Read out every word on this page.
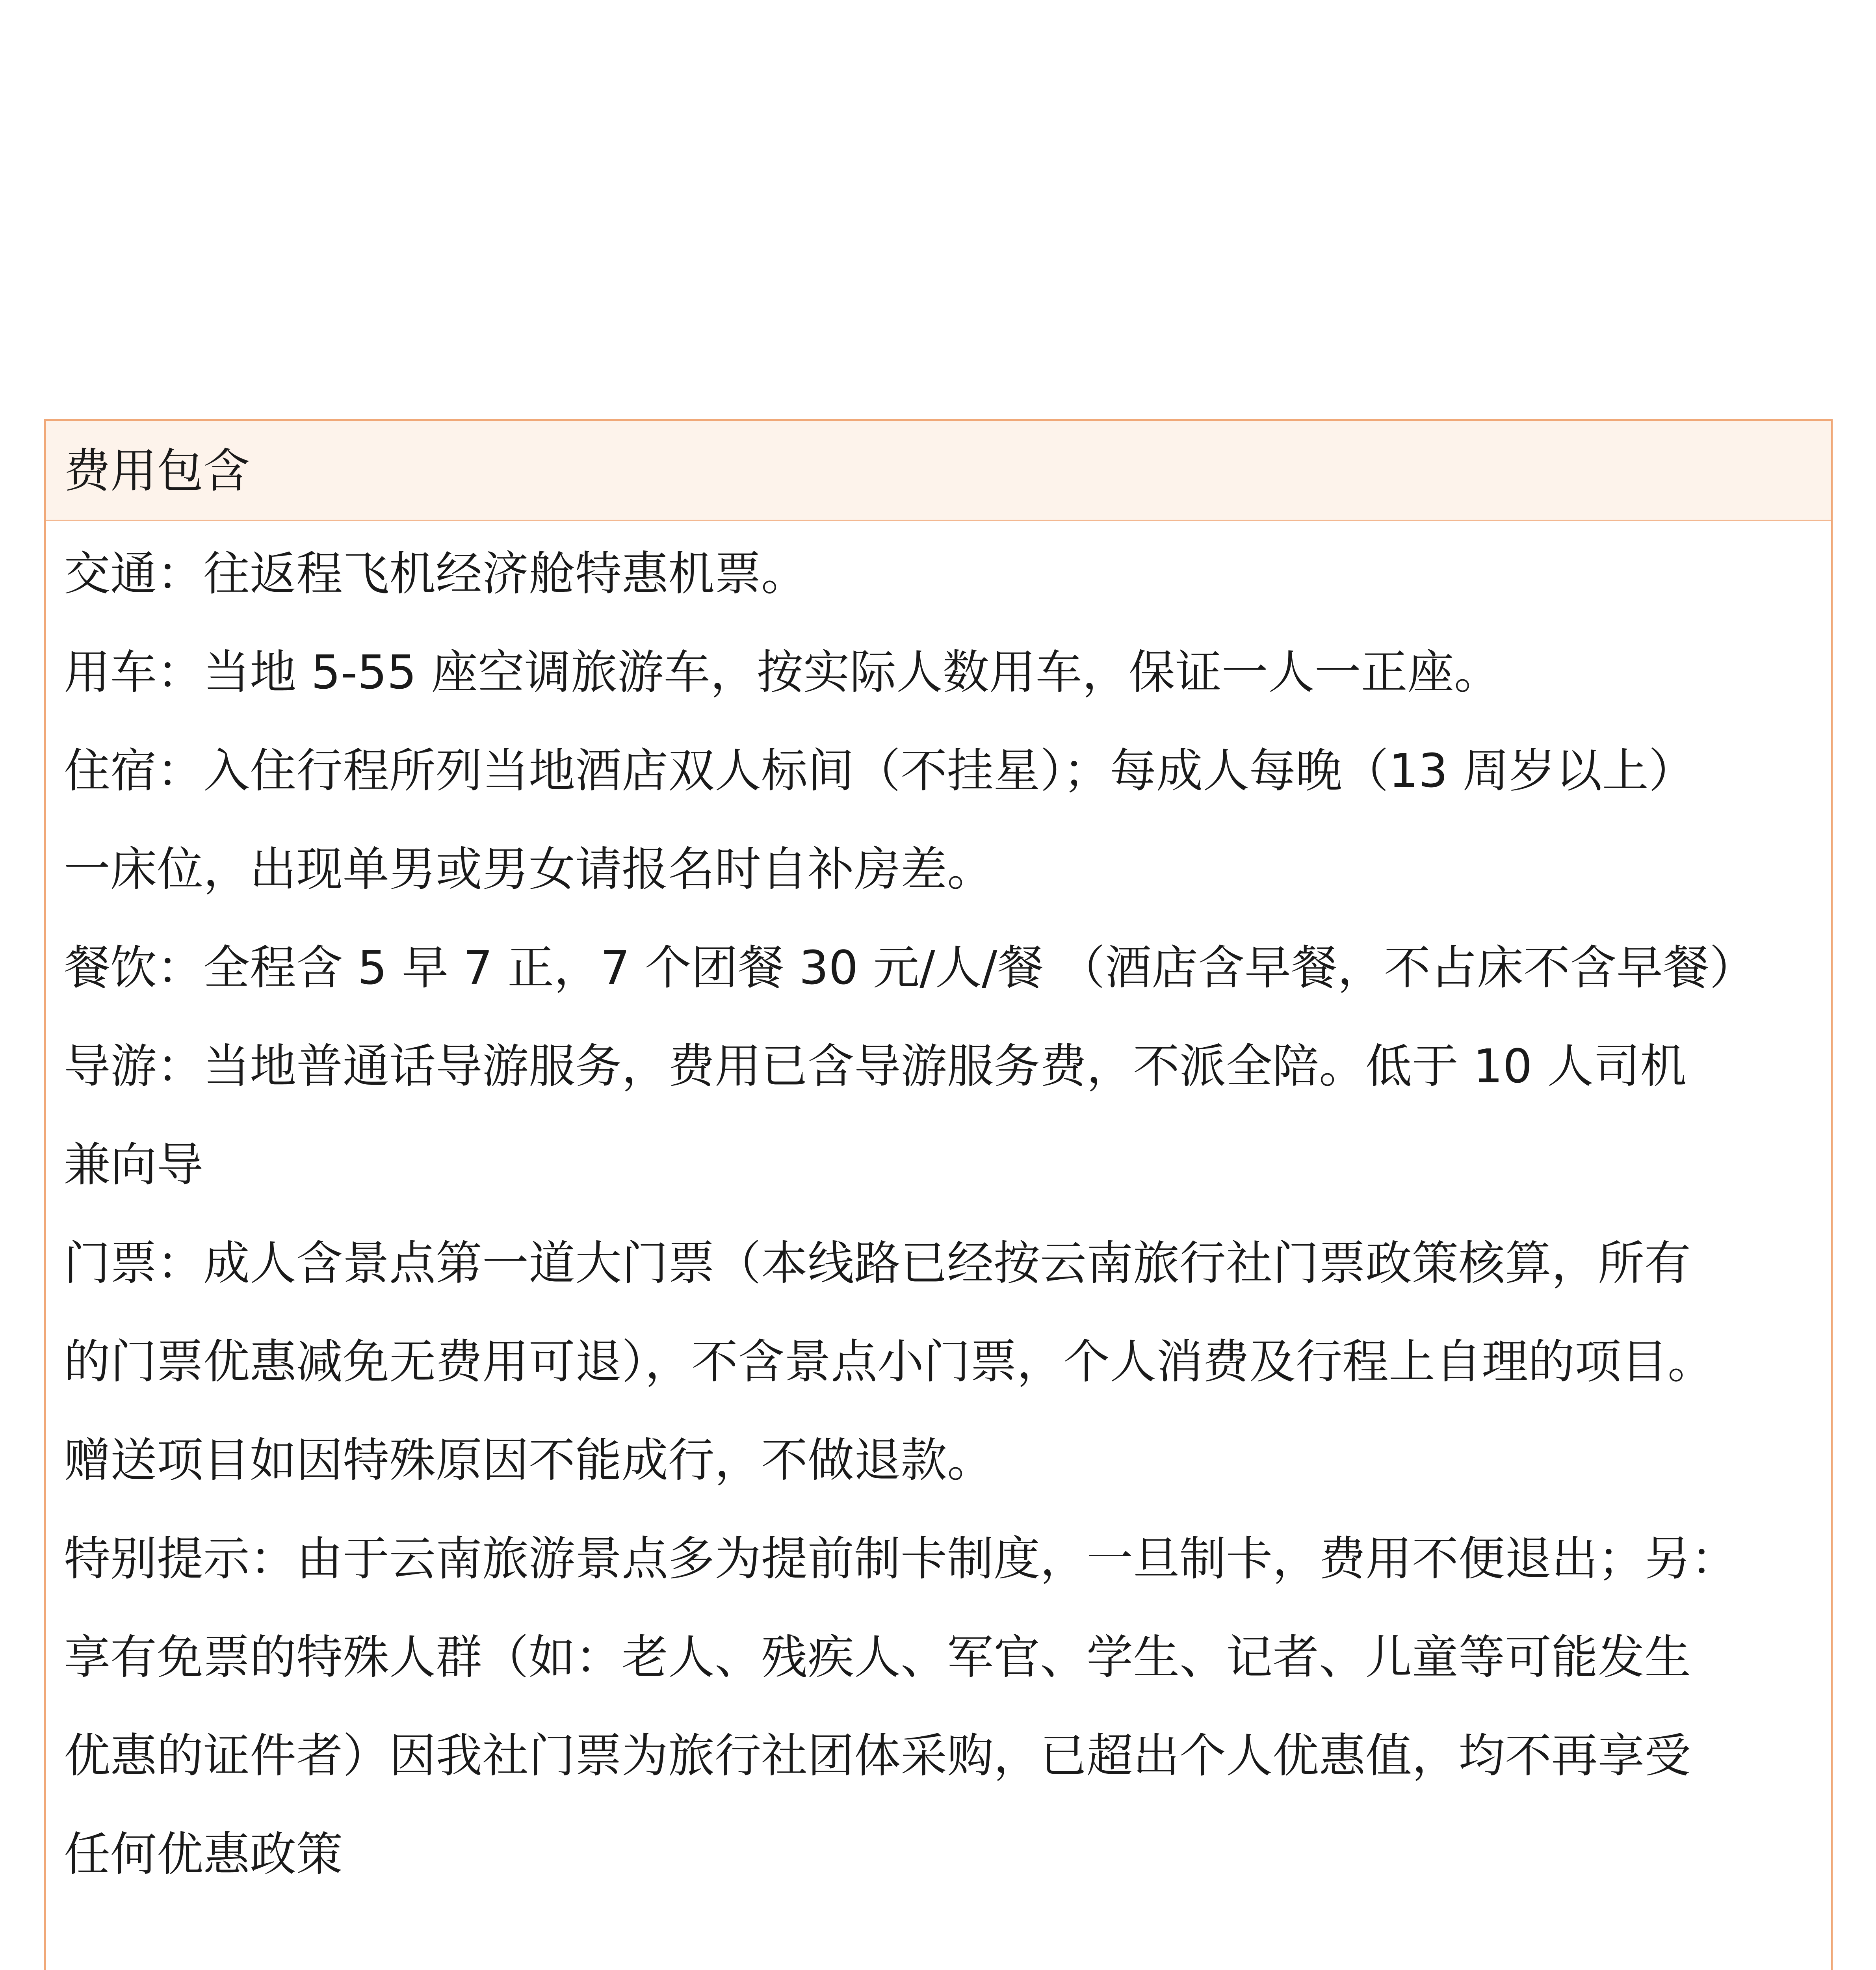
费用包含
交通：往返程飞机经济舱特惠机票。
用车：当地 5-55 座空调旅游车，按实际人数用车，保证一人一正座。
住宿：入住行程所列当地酒店双人标间（不挂星）；每成人每晚（13 周岁以上）
一床位，出现单男或男女请报名时自补房差。
餐饮：全程含 5 早 7 正，7 个团餐 30 元/人/餐 （酒店含早餐，不占床不含早餐）
导游：当地普通话导游服务，费用已含导游服务费，不派全陪。低于 10 人司机
兼向导
门票：成人含景点第一道大门票（本线路已经按云南旅行社门票政策核算，所有
的门票优惠减免无费用可退），不含景点小门票，个人消费及行程上自理的项目。
赠送项目如因特殊原因不能成行，不做退款。
特别提示：由于云南旅游景点多为提前制卡制度，一旦制卡，费用不便退出；另：
享有免票的特殊人群（如：老人、残疾人、军官、学生、记者、儿童等可能发生
优惠的证件者）因我社门票为旅行社团体采购，已超出个人优惠值，均不再享受
任何优惠政策
